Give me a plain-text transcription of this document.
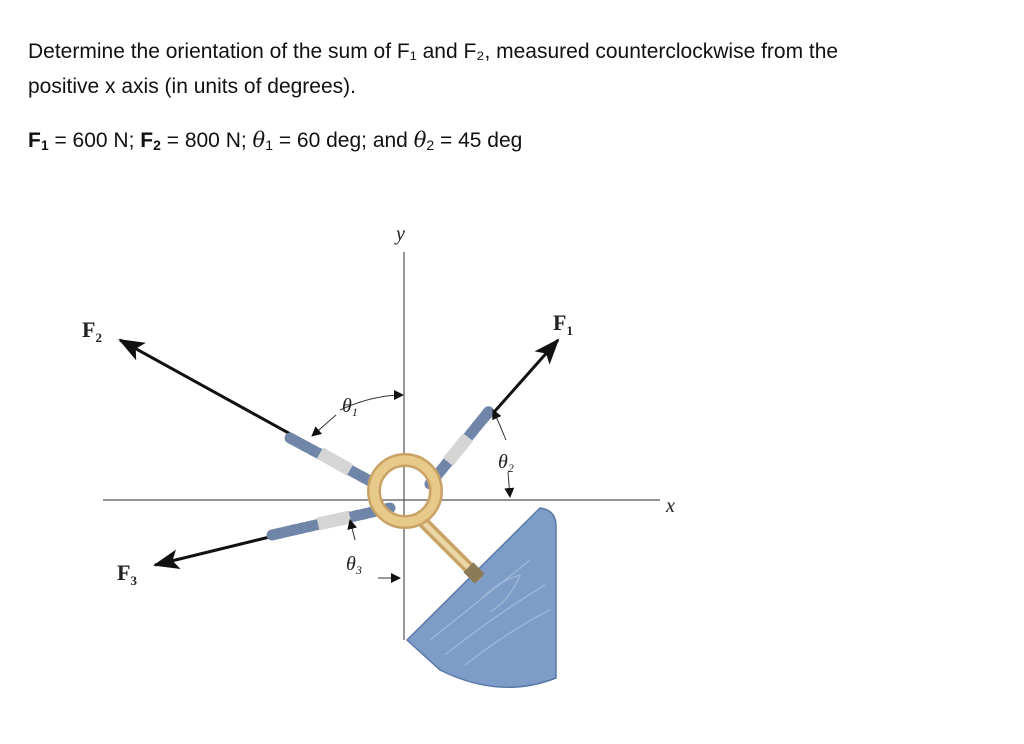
Determine the orientation of the sum of F₁ and F₂, measured counterclockwise from the

positive x axis (in units of degrees).

$F_1 = 600$ N; $F_2 = 800$ N; $\theta_1 = 60$ deg; and $\theta_2 = 45$ deg
y
x
$F_1$
$F_2$
$F_3$
$\theta_1$
$\theta_2$
$\theta_3$
